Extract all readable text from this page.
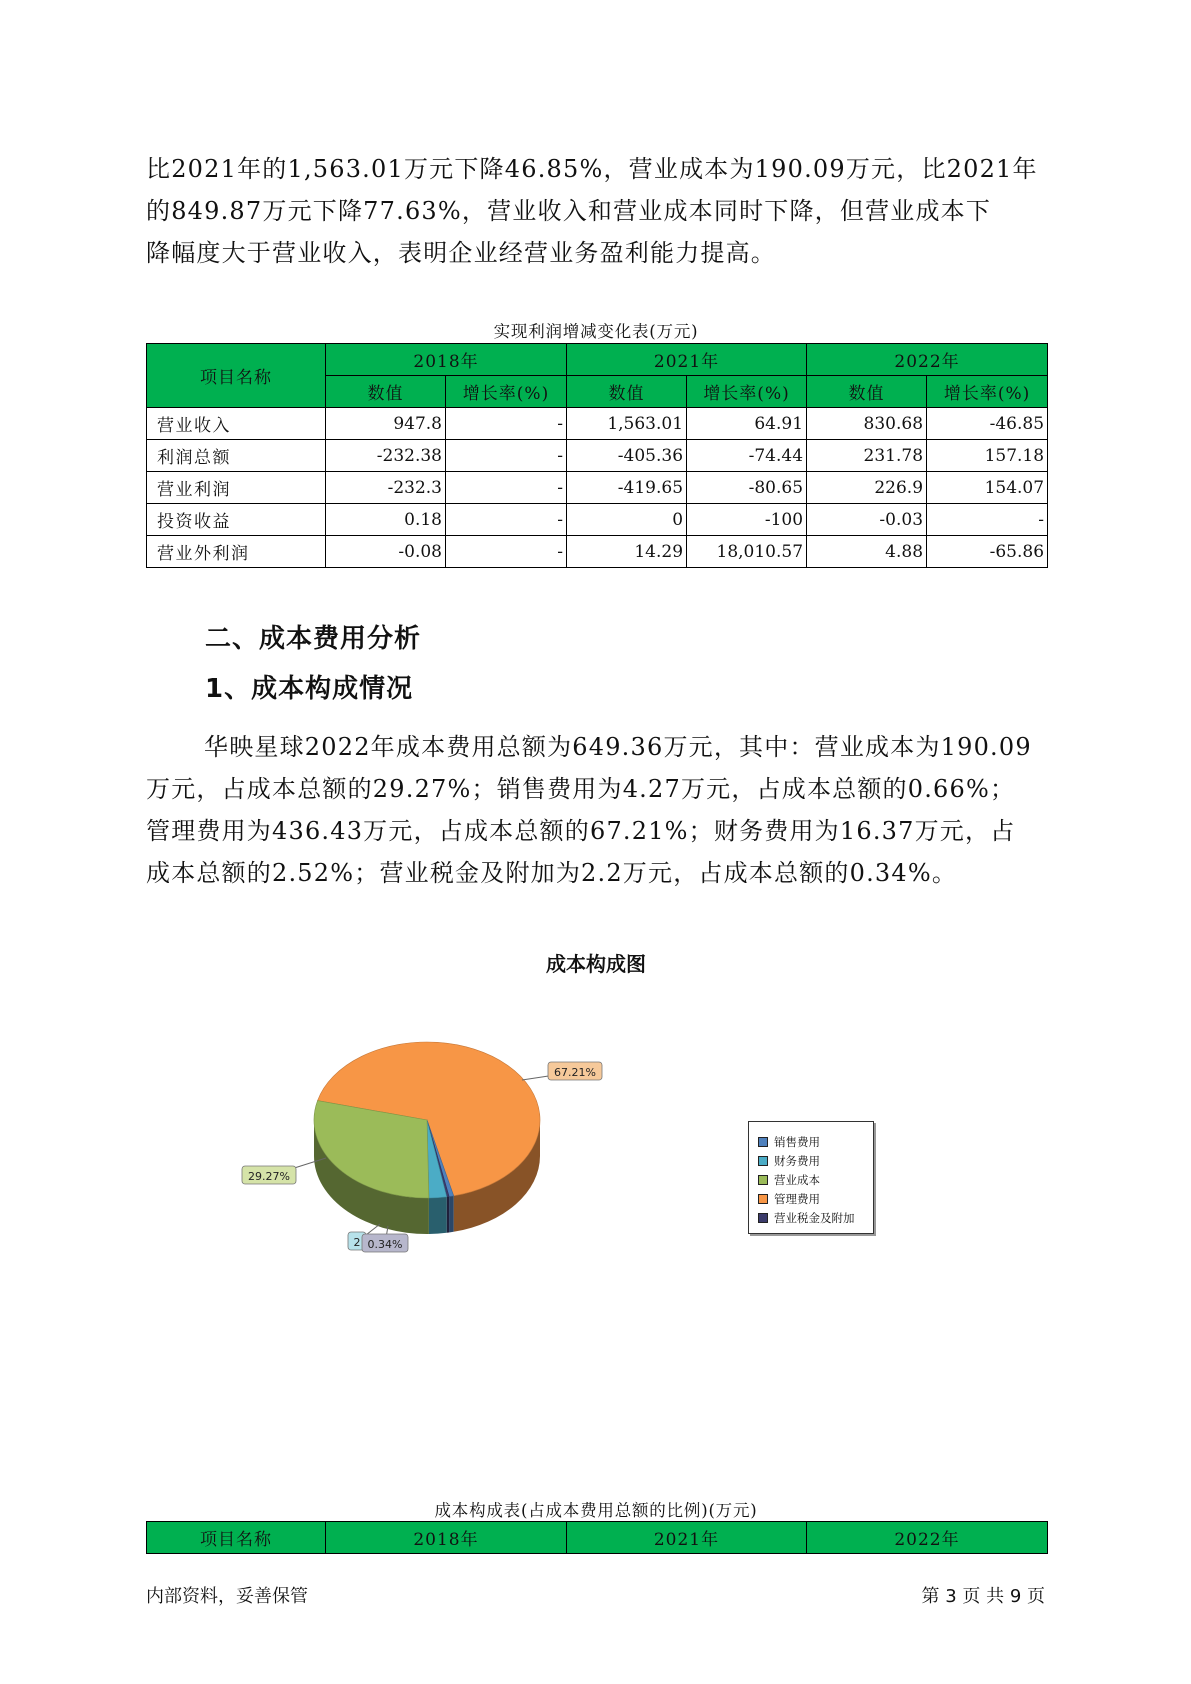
比2021年的1,563.01万元下降46.85%，营业成本为190.09万元，比2021年
的849.87万元下降77.63%，营业收入和营业成本同时下降，但营业成本下
降幅度大于营业收入，表明企业经营业务盈利能力提高。
实现利润增减变化表(万元)
项目名称	2018年		2021年		2022年	
	数值	增长率(%)	数值	增长率(%)	数值	增长率(%)
营业收入	947.8	-	1,563.01	64.91	830.68	-46.85
利润总额	-232.38	-	-405.36	-74.44	231.78	157.18
营业利润	-232.3	-	-419.65	-80.65	226.9	154.07
投资收益	0.18	-	0	-100	-0.03	-
营业外利润	-0.08	-	14.29	18,010.57	4.88	-65.86
二、成本费用分析
1、成本构成情况
华映星球2022年成本费用总额为649.36万元，其中：营业成本为190.09
万元，占成本总额的29.27%；销售费用为4.27万元，占成本总额的0.66%；
管理费用为436.43万元，占成本总额的67.21%；财务费用为16.37万元，占
成本总额的2.52%；营业税金及附加为2.2万元，占成本总额的0.34%。
成本构成图
67.21%
29.27%
2 0.34%
销售费用
财务费用
营业成本
管理费用
营业税金及附加
成本构成表(占成本费用总额的比例)(万元)
项目名称	2018年	2021年	2022年
内部资料，妥善保管	第 3 页 共 9 页
